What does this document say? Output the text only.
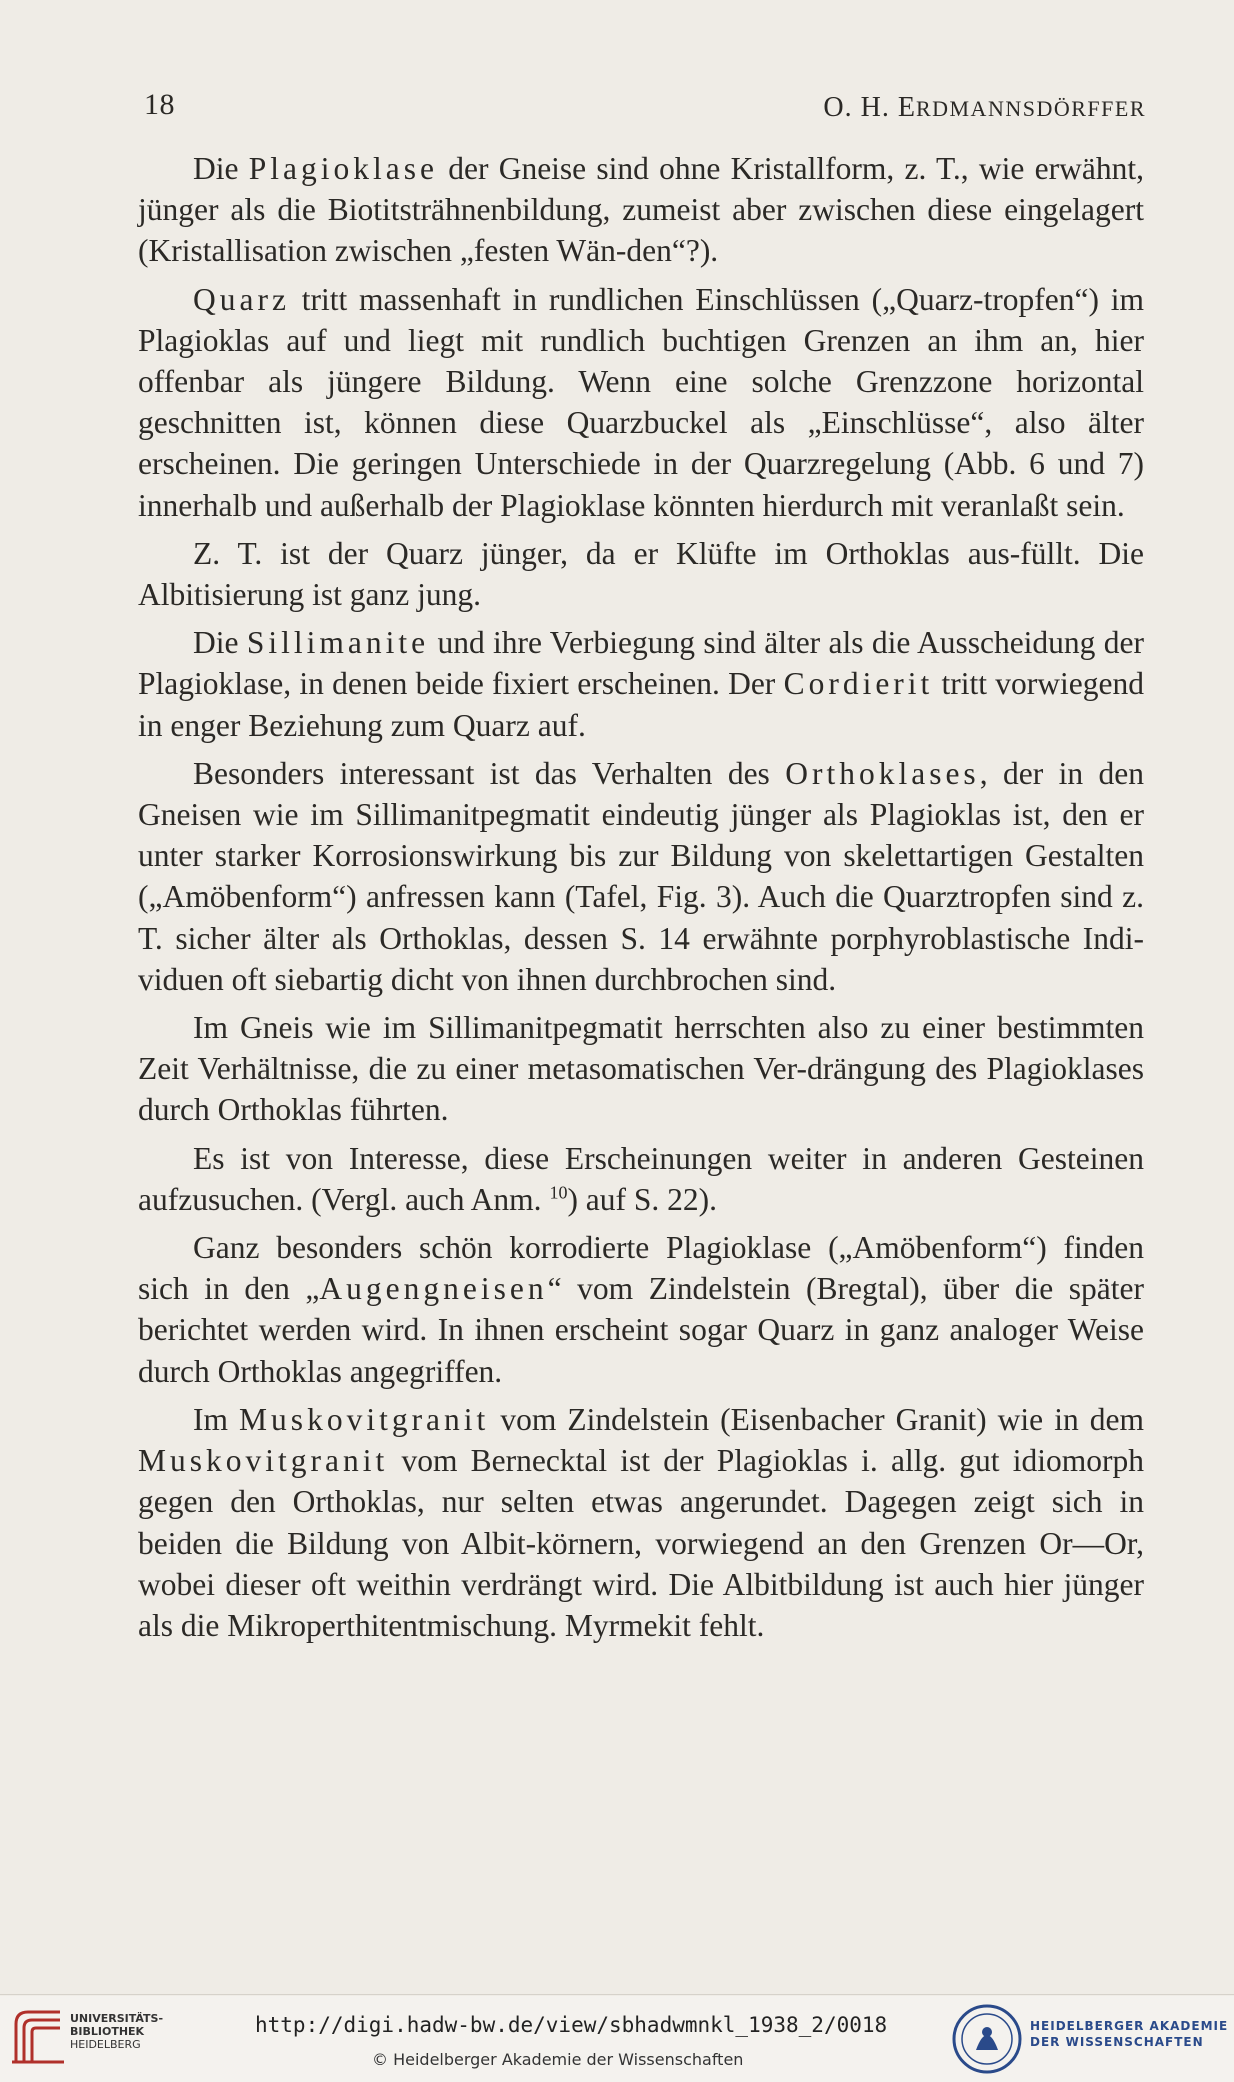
18	O. H. ERDMANNSDÖRFFER

Die Plagioklase der Gneise sind ohne Kristallform, z. T., wie erwähnt, jünger als die Biotitsträhnenbildung, zumeist aber zwischen diese eingelagert (Kristallisation zwischen „festen Wän-den“?).

Quarz tritt massenhaft in rundlichen Einschlüssen („Quarz-tropfen“) im Plagioklas auf und liegt mit rundlich buchtigen Grenzen an ihm an, hier offenbar als jüngere Bildung. Wenn eine solche Grenzzone horizontal geschnitten ist, können diese Quarzbuckel als „Einschlüsse“, also älter erscheinen. Die geringen Unterschiede in der Quarzregelung (Abb. 6 und 7) innerhalb und außerhalb der Plagioklase könnten hierdurch mit veranlaßt sein.

Z. T. ist der Quarz jünger, da er Klüfte im Orthoklas aus-füllt. Die Albitisierung ist ganz jung.

Die Sillimanite und ihre Verbiegung sind älter als die Ausscheidung der Plagioklase, in denen beide fixiert erscheinen. Der Cordierit tritt vorwiegend in enger Beziehung zum Quarz auf.

Besonders interessant ist das Verhalten des Orthoklases, der in den Gneisen wie im Sillimanitpegmatit eindeutig jünger als Plagioklas ist, den er unter starker Korrosionswirkung bis zur Bildung von skelettartigen Gestalten („Amöbenform“) anfressen kann (Tafel, Fig. 3). Auch die Quarztropfen sind z. T. sicher älter als Orthoklas, dessen S. 14 erwähnte porphyroblastische Indi-viduen oft siebartig dicht von ihnen durchbrochen sind.

Im Gneis wie im Sillimanitpegmatit herrschten also zu einer bestimmten Zeit Verhältnisse, die zu einer metasomatischen Ver-drängung des Plagioklases durch Orthoklas führten.

Es ist von Interesse, diese Erscheinungen weiter in anderen Gesteinen aufzusuchen. (Vergl. auch Anm. $^{10}$) auf S. 22).

Ganz besonders schön korrodierte Plagioklase („Amöbenform“) finden sich in den „Augengneisen“ vom Zindelstein (Bregtal), über die später berichtet werden wird. In ihnen erscheint sogar Quarz in ganz analoger Weise durch Orthoklas angegriffen.

Im Muskovitgranit vom Zindelstein (Eisenbacher Granit) wie in dem Muskovitgranit vom Bernecktal ist der Plagioklas i. allg. gut idiomorph gegen den Orthoklas, nur selten etwas angerundet. Dagegen zeigt sich in beiden die Bildung von Albit-körnern, vorwiegend an den Grenzen Or—Or, wobei dieser oft weithin verdrängt wird. Die Albitbildung ist auch hier jünger als die Mikroperthitentmischung. Myrmekit fehlt.

UNIVERSITÄTS-
BIBLIOTHEK
HEIDELBERG
http://digi.hadw-bw.de/view/sbhadwmnkl_1938_2/0018
© Heidelberger Akademie der Wissenschaften
HEIDELBERGER AKADEMIE
DER WISSENSCHAFTEN
